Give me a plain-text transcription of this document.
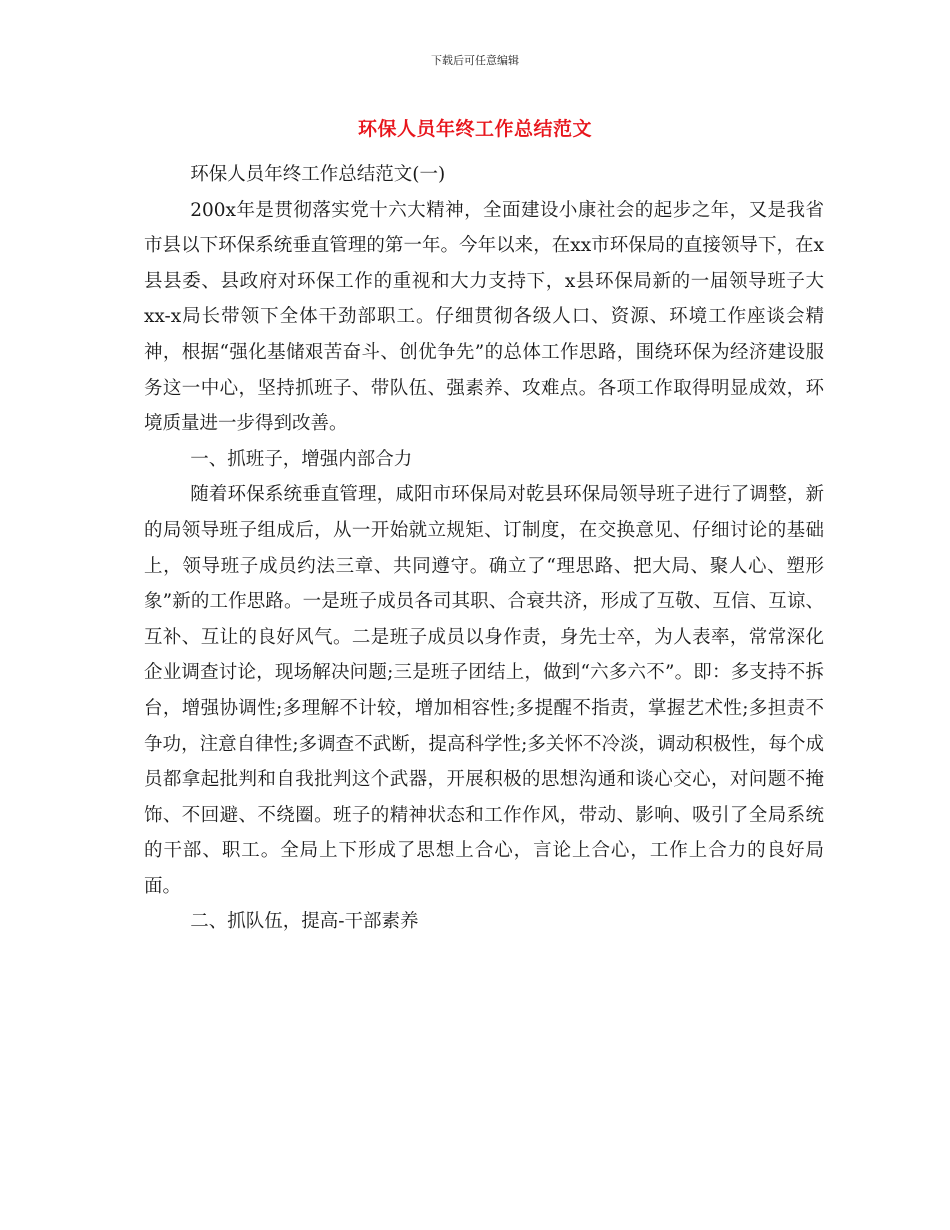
下载后可任意编辑
环保人员年终工作总结范文

环保人员年终工作总结范文(一)

200x年是贯彻落实党十六大精神，全面建设小康社会的起步之年，又是我省市县以下环保系统垂直管理的第一年。今年以来，在xx市环保局的直接领导下，在x县县委、县政府对环保工作的重视和大力支持下，x县环保局新的一届领导班子大xx-x局长带领下全体干劲部职工。仔细贯彻各级人口、资源、环境工作座谈会精神，根据“强化基储艰苦奋斗、创优争先”的总体工作思路，围绕环保为经济建设服务这一中心，坚持抓班子、带队伍、强素养、攻难点。各项工作取得明显成效，环境质量进一步得到改善。

一、抓班子，增强内部合力

随着环保系统垂直管理，咸阳市环保局对乾县环保局领导班子进行了调整，新的局领导班子组成后，从一开始就立规矩、订制度，在交换意见、仔细讨论的基础上，领导班子成员约法三章、共同遵守。确立了“理思路、把大局、聚人心、塑形象”新的工作思路。一是班子成员各司其职、合衰共济，形成了互敬、互信、互谅、互补、互让的良好风气。二是班子成员以身作责，身先士卒，为人表率，常常深化企业调查讨论，现场解决问题;三是班子团结上，做到“六多六不”。即：多支持不拆台，增强协调性;多理解不计较，增加相容性;多提醒不指责，掌握艺术性;多担责不争功，注意自律性;多调查不武断，提高科学性;多关怀不冷淡，调动积极性，每个成员都拿起批判和自我批判这个武器，开展积极的思想沟通和谈心交心，对问题不掩饰、不回避、不绕圈。班子的精神状态和工作作风，带动、影响、吸引了全局系统的干部、职工。全局上下形成了思想上合心，言论上合心，工作上合力的良好局面。

二、抓队伍，提高-干部素养
